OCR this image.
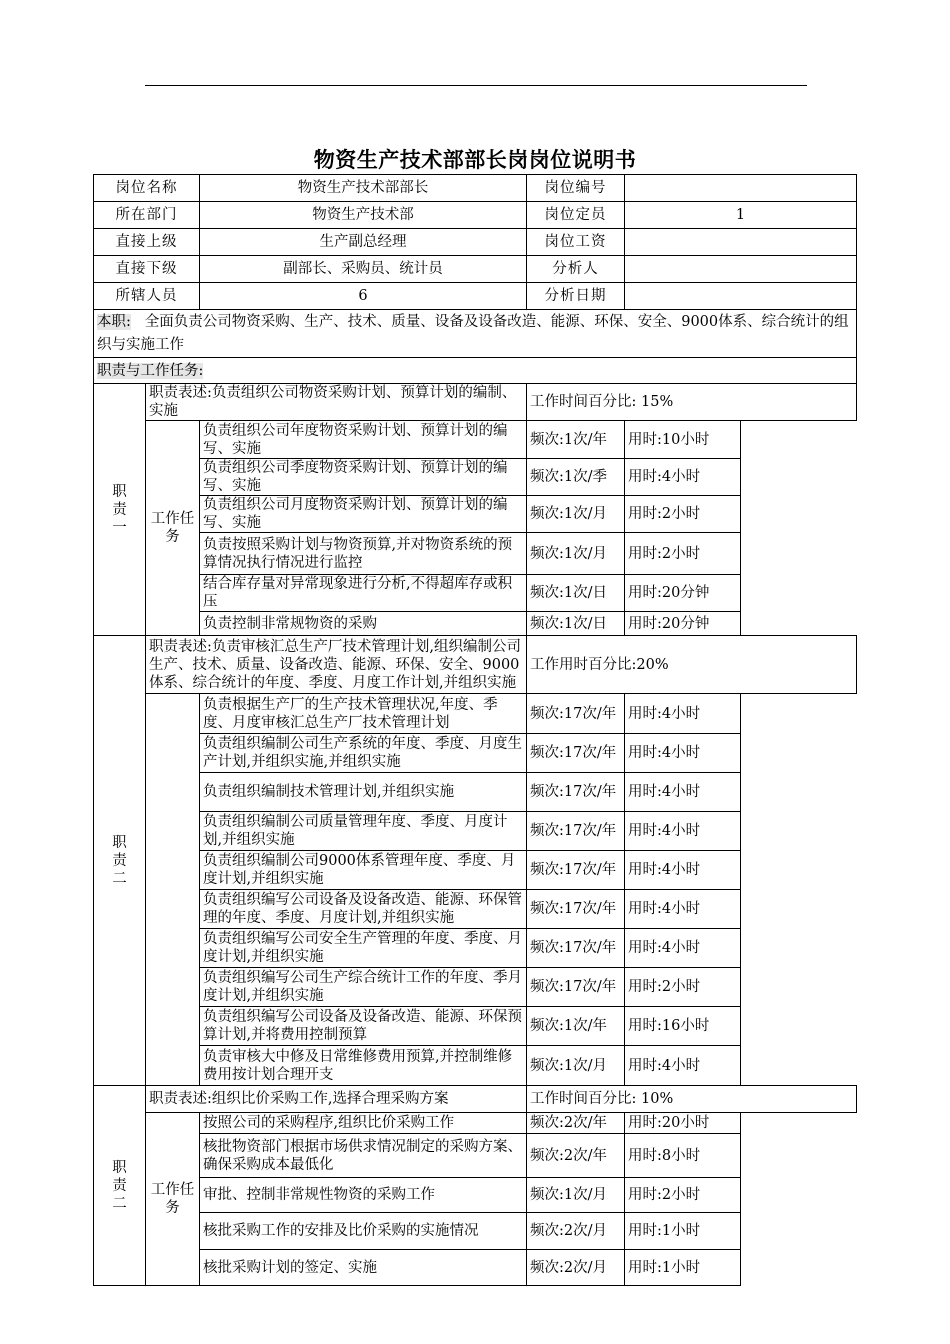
物资生产技术部部长岗岗位说明书
岗位名称		物资生产技术部部长	岗位编号	
所在部门		物资生产技术部	岗位定员	1
直接上级		生产副总经理	岗位工资	
直接下级		副部长、采购员、统计员	分析人	
所辖人员		6	分析日期	
本职: 全面负责公司物资采购、生产、技术、质量、设备及设备改造、能源、环保、安全、9000体系、综合统计的组织与实施工作				
职责与工作任务:				
职
责
一	职责表述:负责组织公司物资采购计划、预算计划的编制、实施		工作时间百分比: 15%	
	工作任务	负责组织公司年度物资采购计划、预算计划的编写、实施	频次:1次/年	用时:10小时
		负责组织公司季度物资采购计划、预算计划的编写、实施	频次:1次/季	用时:4小时
		负责组织公司月度物资采购计划、预算计划的编写、实施	频次:1次/月	用时:2小时
		负责按照采购计划与物资预算,并对物资系统的预算情况执行情况进行监控	频次:1次/月	用时:2小时
		结合库存量对异常现象进行分析,不得超库存或积压	频次:1次/日	用时:20分钟
		负责控制非常规物资的采购	频次:1次/日	用时:20分钟
职
责
二	职责表述:负责审核汇总生产厂技术管理计划,组织编制公司生产、技术、质量、设备改造、能源、环保、安全、9000体系、综合统计的年度、季度、月度工作计划,并组织实施		工作用时百分比:20%	
		负责根据生产厂的生产技术管理状况,年度、季度、月度审核汇总生产厂技术管理计划	频次:17次/年	用时:4小时
		负责组织编制公司生产系统的年度、季度、月度生产计划,并组织实施,并组织实施	频次:17次/年	用时:4小时
		负责组织编制技术管理计划,并组织实施	频次:17次/年	用时:4小时
		负责组织编制公司质量管理年度、季度、月度计划,并组织实施	频次:17次/年	用时:4小时
		负责组织编制公司9000体系管理年度、季度、月度计划,并组织实施	频次:17次/年	用时:4小时
		负责组织编写公司设备及设备改造、能源、环保管理的年度、季度、月度计划,并组织实施	频次:17次/年	用时:4小时
		负责组织编写公司安全生产管理的年度、季度、月度计划,并组织实施	频次:17次/年	用时:4小时
		负责组织编写公司生产综合统计工作的年度、季月度计划,并组织实施	频次:17次/年	用时:2小时
		负责组织编写公司设备及设备改造、能源、环保预算计划,并将费用控制预算	频次:1次/年	用时:16小时
		负责审核大中修及日常维修费用预算,并控制维修费用按计划合理开支	频次:1次/月	用时:4小时
职
责
二	职责表述:组织比价采购工作,选择合理采购方案		工作时间百分比: 10%	
	工作任务	按照公司的采购程序,组织比价采购工作	频次:2次/年	用时:20小时
		核批物资部门根据市场供求情况制定的采购方案、确保采购成本最低化	频次:2次/年	用时:8小时
		审批、控制非常规性物资的采购工作	频次:1次/月	用时:2小时
		核批采购工作的安排及比价采购的实施情况	频次:2次/月	用时:1小时
		核批采购计划的签定、实施	频次:2次/月	用时:1小时
